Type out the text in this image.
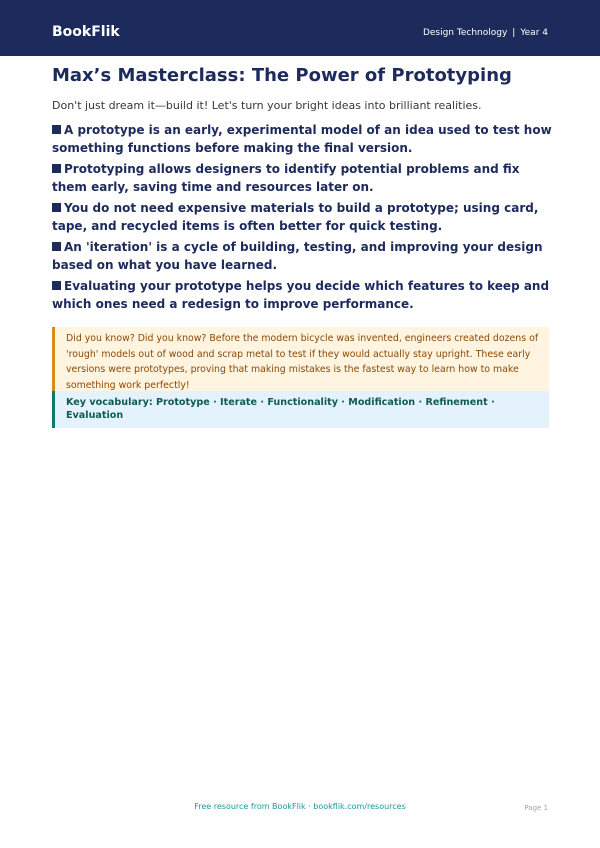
BookFlik	Design Technology | Year 4
Max’s Masterclass: The Power of Prototyping

Don't just dream it—build it! Let's turn your bright ideas into brilliant realities.

A prototype is an early, experimental model of an idea used to test how something functions before making the final version.
Prototyping allows designers to identify potential problems and fix them early, saving time and resources later on.
You do not need expensive materials to build a prototype; using card, tape, and recycled items is often better for quick testing.
An 'iteration' is a cycle of building, testing, and improving your design based on what you have learned.
Evaluating your prototype helps you decide which features to keep and which ones need a redesign to improve performance.
Did you know? Did you know? Before the modern bicycle was invented, engineers created dozens of 'rough' models out of wood and scrap metal to test if they would actually stay upright. These early versions were prototypes, proving that making mistakes is the fastest way to learn how to make something work perfectly!
Key vocabulary: Prototype · Iterate · Functionality · Modification · Refinement · Evaluation
Free resource from BookFlik · bookflik.com/resources	Page 1
